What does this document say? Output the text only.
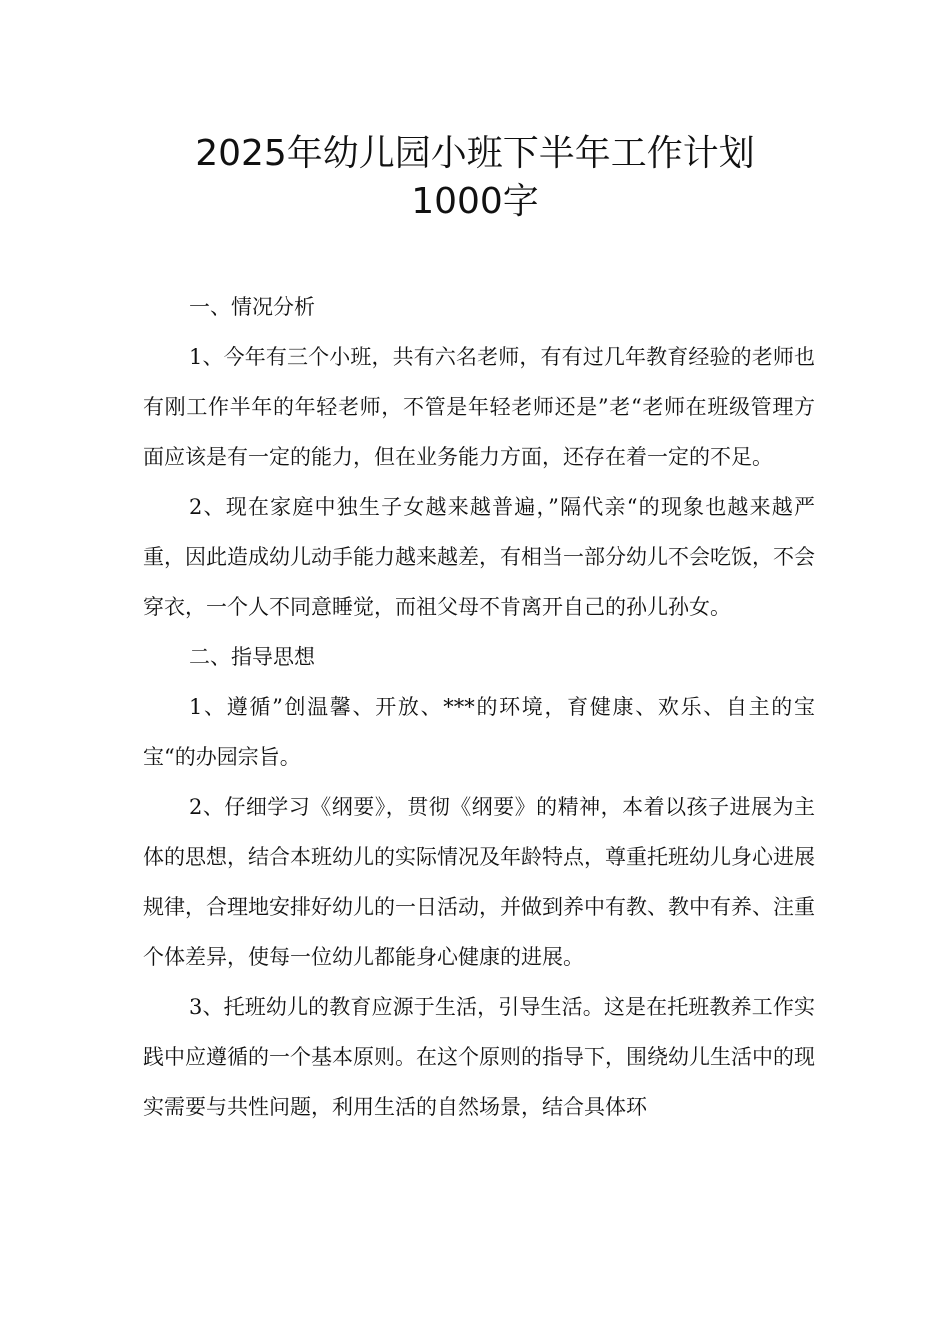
2025年幼儿园小班下半年工作计划
1000字

一、情况分析

1、今年有三个小班，共有六名老师，有有过几年教育经验的老师也有刚工作半年的年轻老师，不管是年轻老师还是”老“老师在班级管理方面应该是有一定的能力，但在业务能力方面，还存在着一定的不足。

2、现在家庭中独生子女越来越普遍，”隔代亲“的现象也越来越严重，因此造成幼儿动手能力越来越差，有相当一部分幼儿不会吃饭，不会穿衣，一个人不同意睡觉，而祖父母不肯离开自己的孙儿孙女。

二、指导思想

1、遵循”创温馨、开放、***的环境，育健康、欢乐、自主的宝宝“的办园宗旨。

2、仔细学习《纲要》，贯彻《纲要》的精神，本着以孩子进展为主体的思想，结合本班幼儿的实际情况及年龄特点，尊重托班幼儿身心进展规律，合理地安排好幼儿的一日活动，并做到养中有教、教中有养、注重个体差异，使每一位幼儿都能身心健康的进展。

3、托班幼儿的教育应源于生活，引导生活。这是在托班教养工作实践中应遵循的一个基本原则。在这个原则的指导下，围绕幼儿生活中的现实需要与共性问题，利用生活的自然场景，结合具体环
